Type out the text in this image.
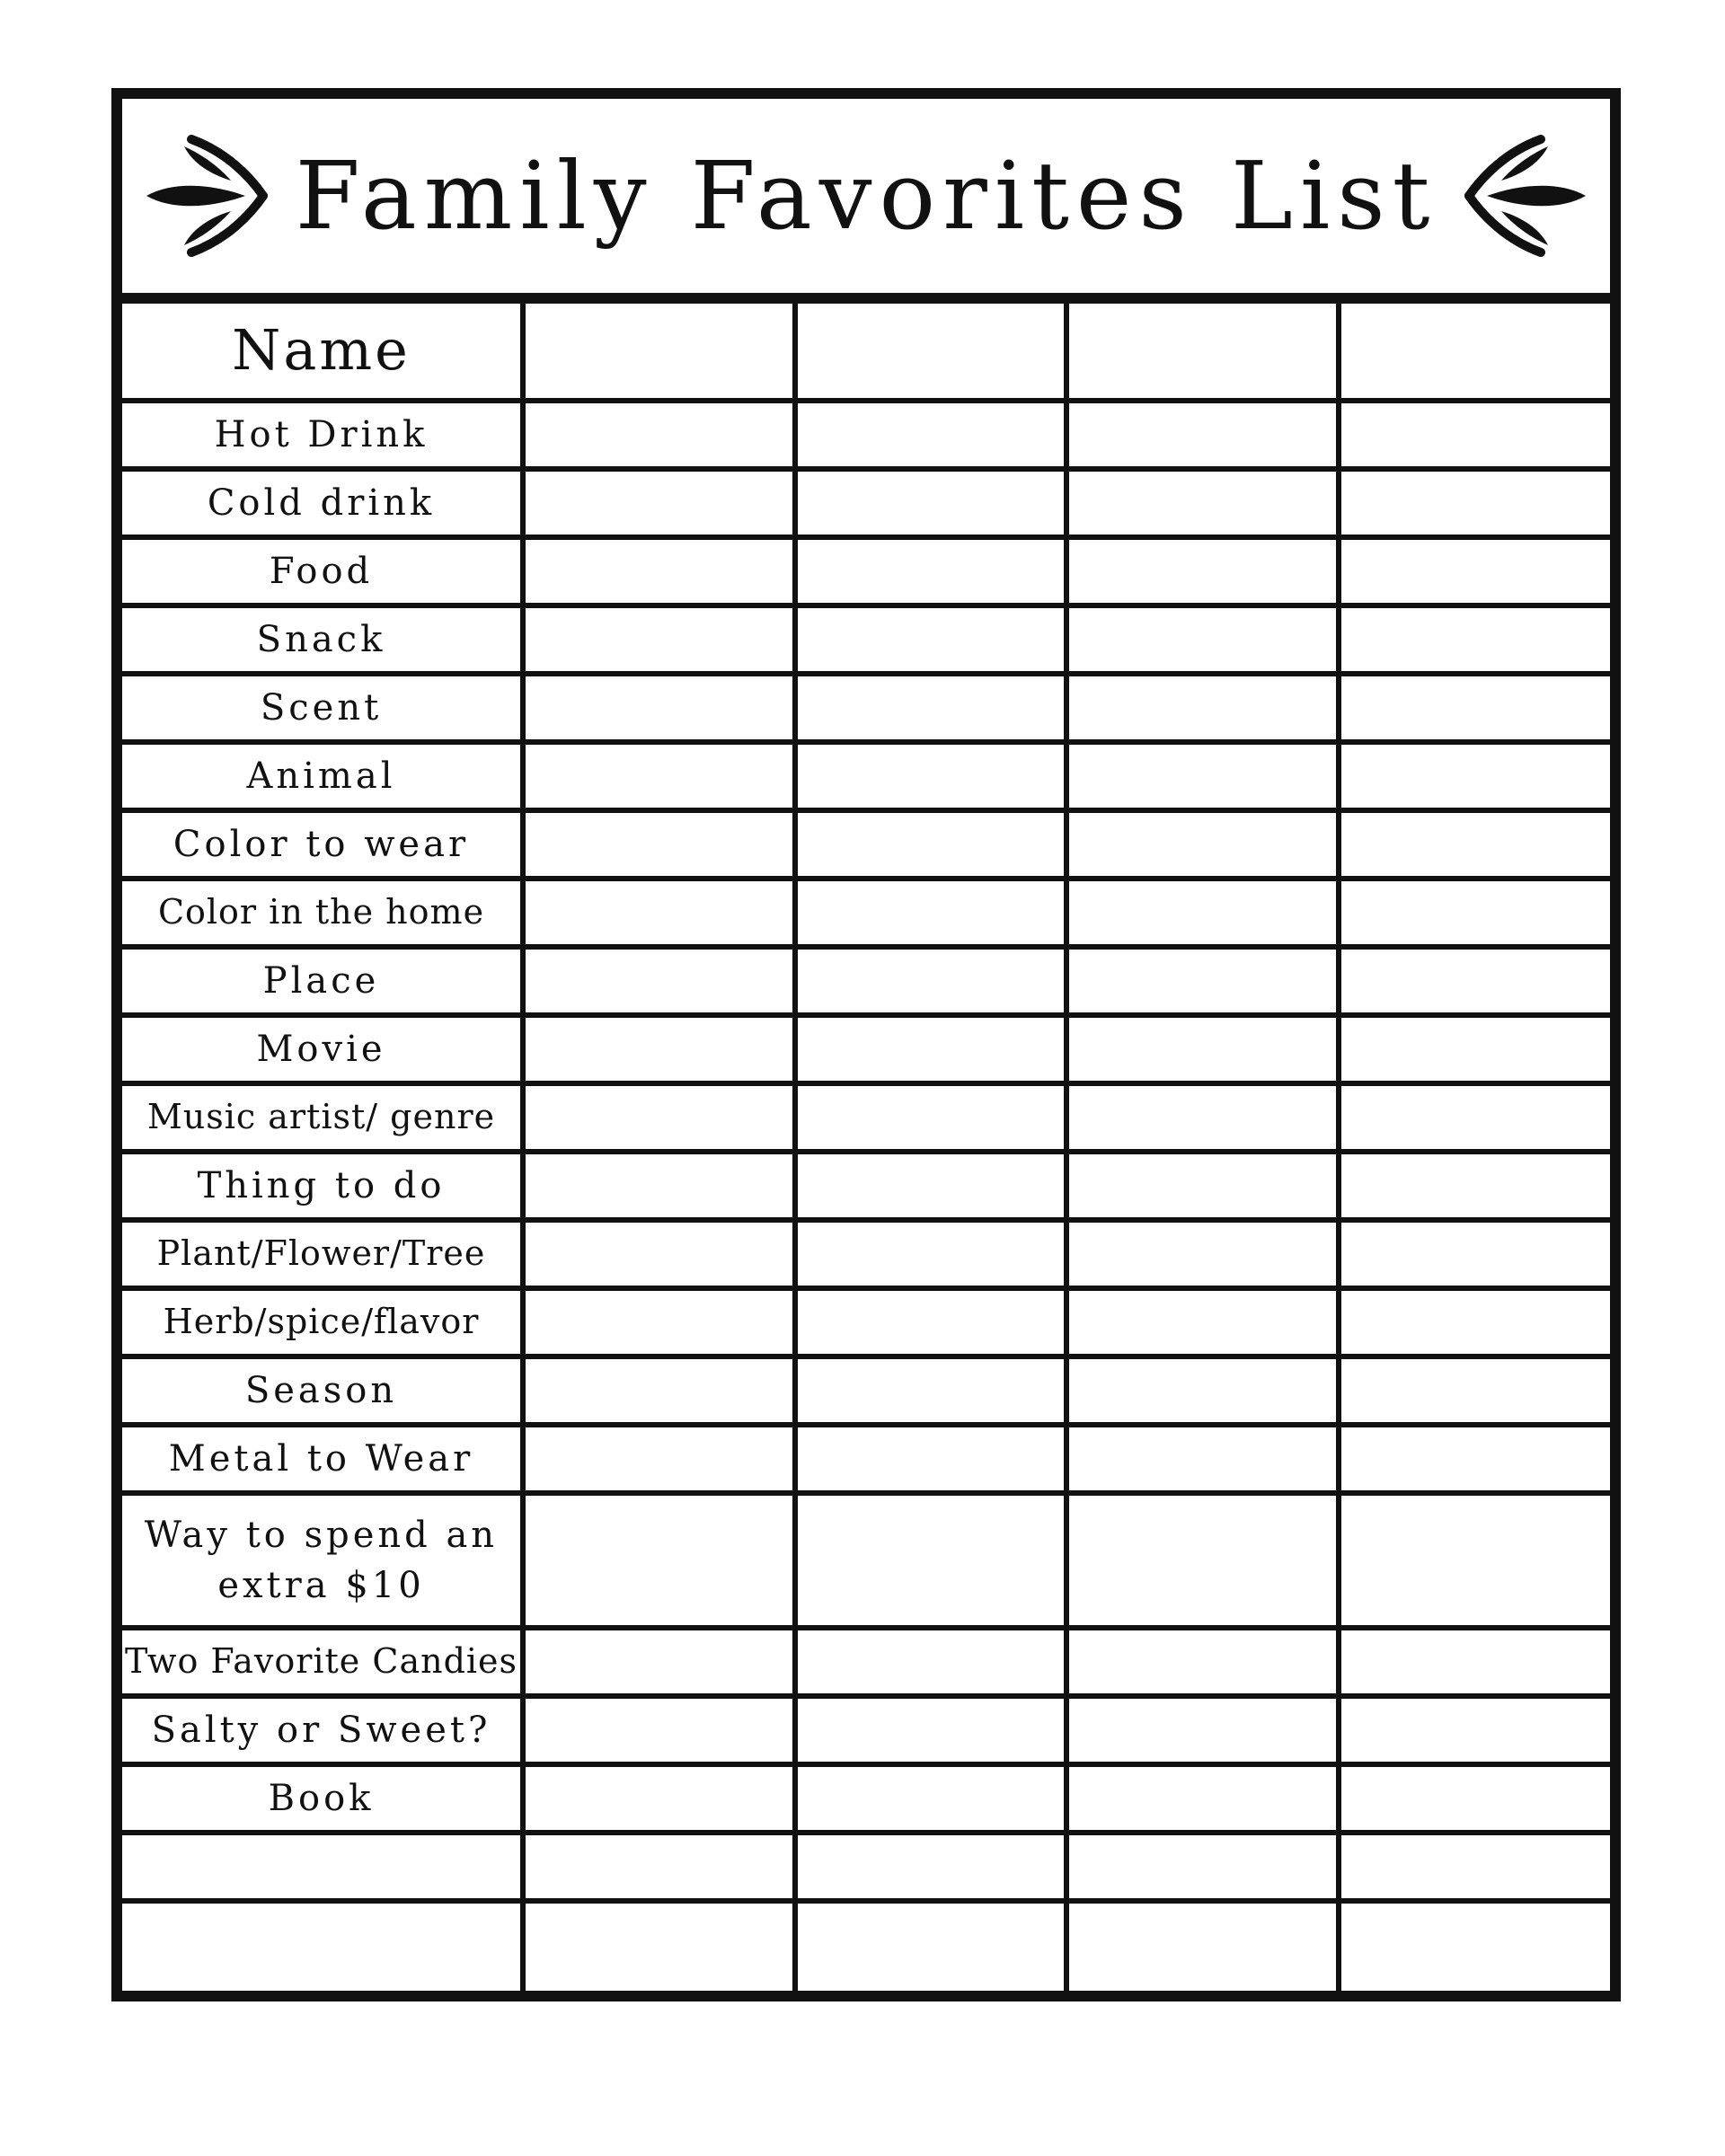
Family Favorites List
Name				
Hot Drink				
Cold drink				
Food				
Snack				
Scent				
Animal				
Color to wear				
Color in the home				
Place				
Movie				
Music artist/ genre				
Thing to do				
Plant/Flower/Tree				
Herb/spice/flavor				
Season				
Metal to Wear				
Way to spend an extra $10				
Two Favorite Candies				
Salty or Sweet?				
Book				
